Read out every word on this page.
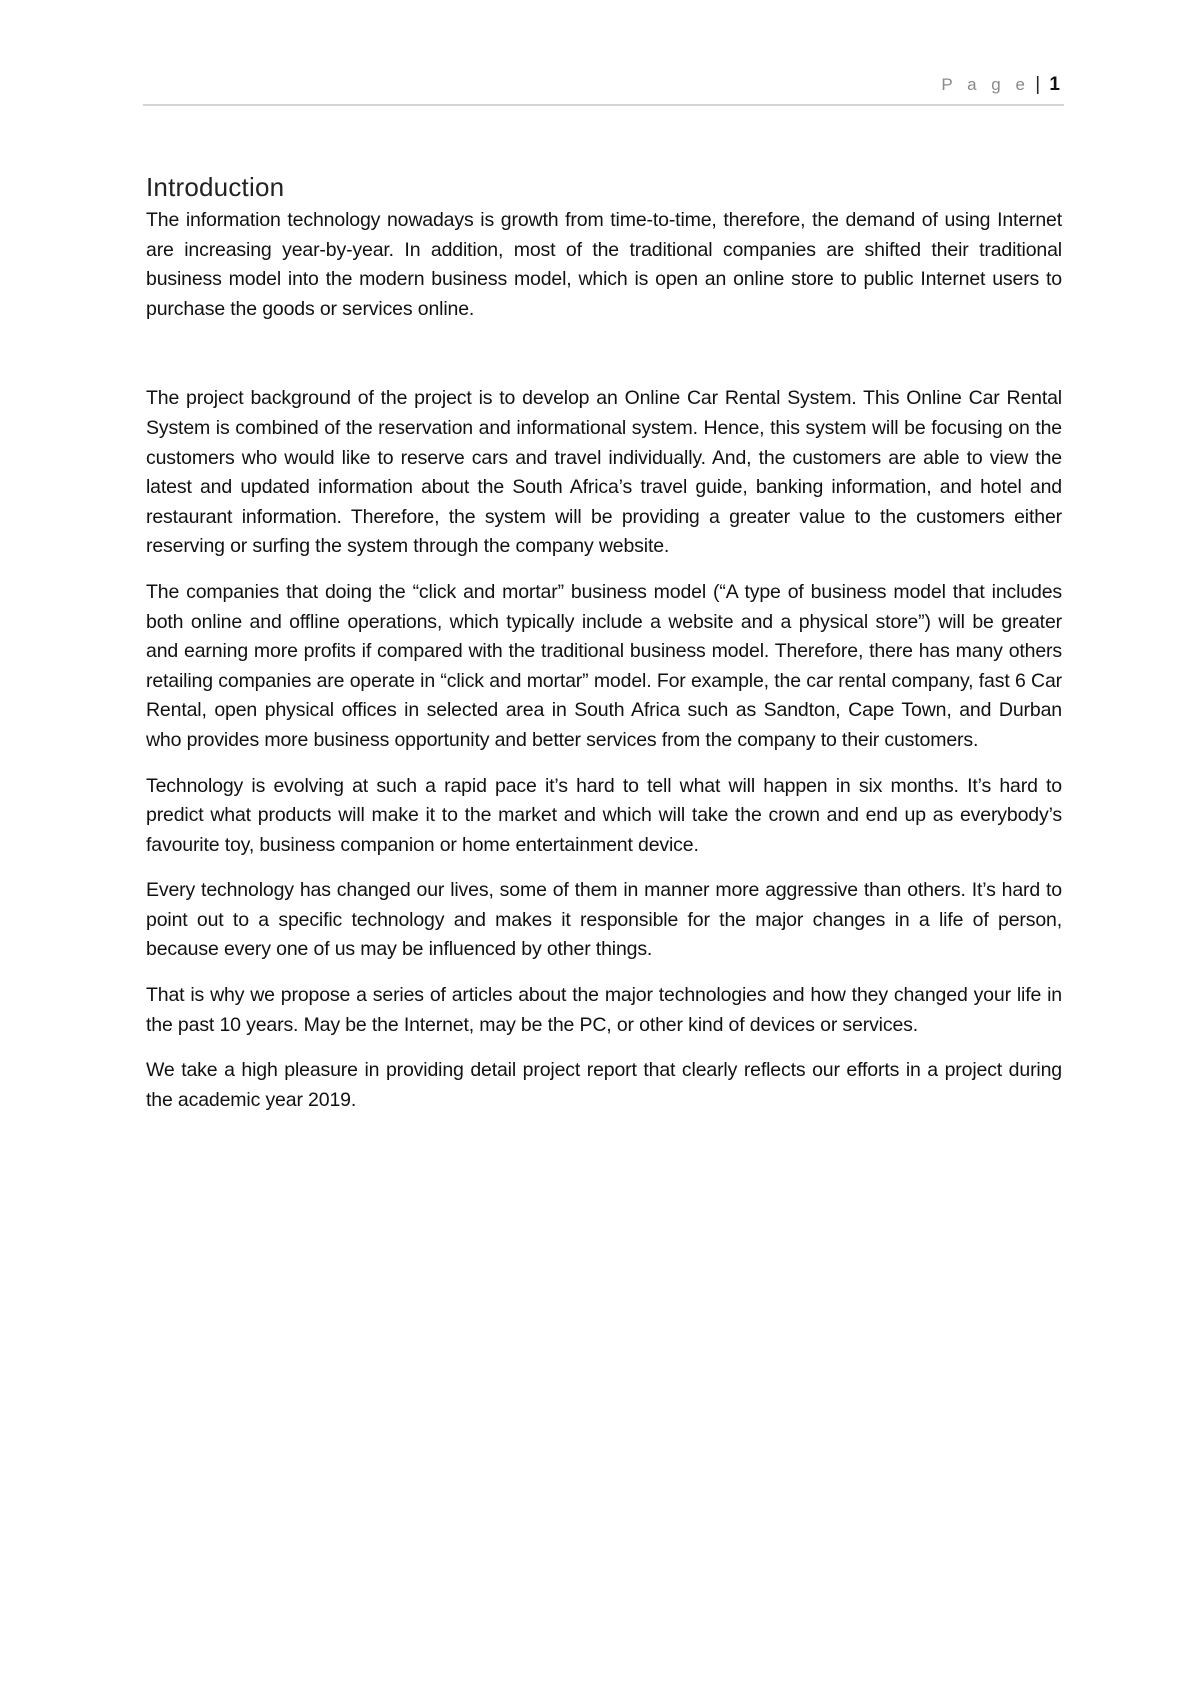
P a g e | 1
Introduction

The information technology nowadays is growth from time-to-time, therefore, the demand of using Internet are increasing year-by-year. In addition, most of the traditional companies are shifted their traditional business model into the modern business model, which is open an online store to public Internet users to purchase the goods or services online.

The project background of the project is to develop an Online Car Rental System. This Online Car Rental System is combined of the reservation and informational system. Hence, this system will be focusing on the customers who would like to reserve cars and travel individually. And, the customers are able to view the latest and updated information about the South Africa’s travel guide, banking information, and hotel and restaurant information. Therefore, the system will be providing a greater value to the customers either reserving or surfing the system through the company website.

The companies that doing the “click and mortar” business model (“A type of business model that includes both online and offline operations, which typically include a website and a physical store”) will be greater and earning more profits if compared with the traditional business model. Therefore, there has many others retailing companies are operate in “click and mortar” model. For example, the car rental company, fast 6 Car Rental, open physical offices in selected area in South Africa such as Sandton, Cape Town, and Durban who provides more business opportunity and better services from the company to their customers.

Technology is evolving at such a rapid pace it’s hard to tell what will happen in six months. It’s hard to predict what products will make it to the market and which will take the crown and end up as everybody’s favourite toy, business companion or home entertainment device.

Every technology has changed our lives, some of them in manner more aggressive than others. It’s hard to point out to a specific technology and makes it responsible for the major changes in a life of person, because every one of us may be influenced by other things.

That is why we propose a series of articles about the major technologies and how they changed your life in the past 10 years. May be the Internet, may be the PC, or other kind of devices or services.

We take a high pleasure in providing detail project report that clearly reflects our efforts in a project during the academic year 2019.
